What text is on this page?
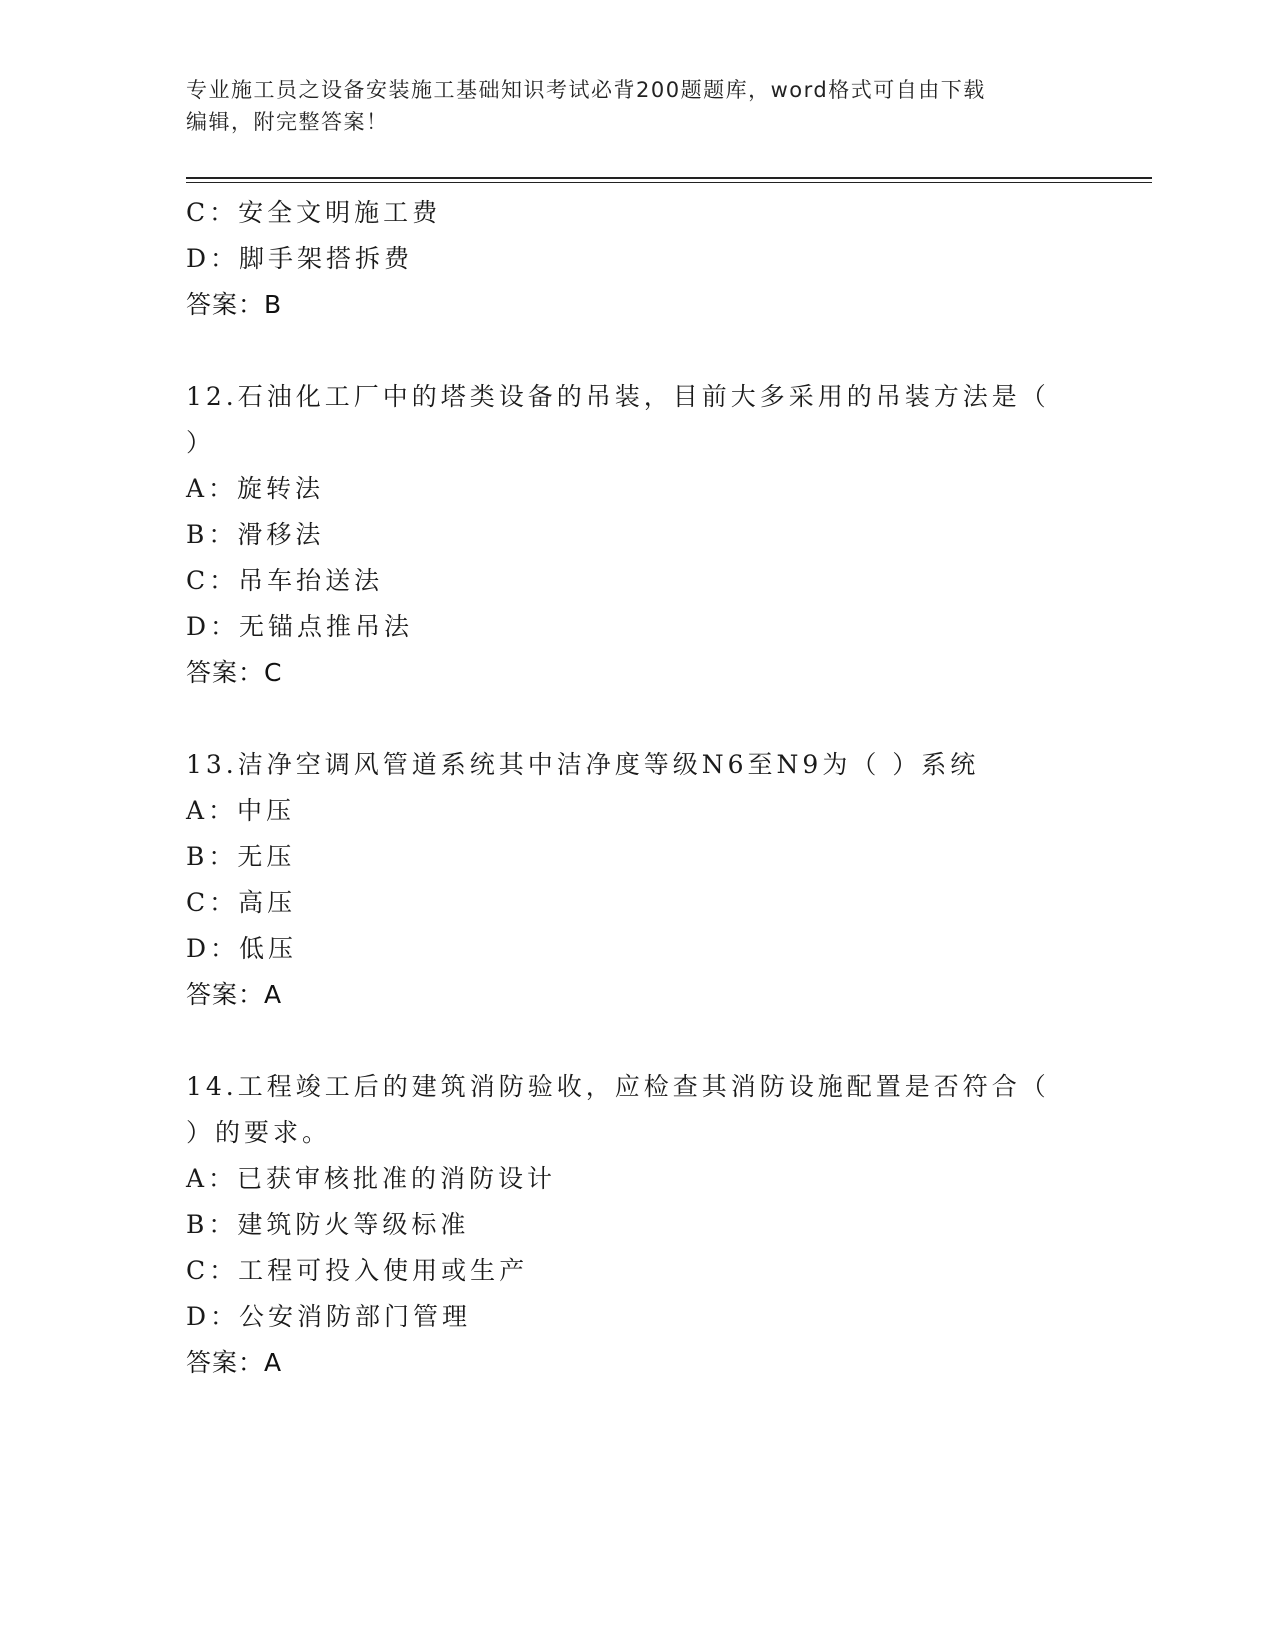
专业施工员之设备安装施工基础知识考试必背200题题库，word格式可自由下载
编辑，附完整答案！
C：安全文明施工费
D：脚手架搭拆费
答案：B
12.石油化工厂中的塔类设备的吊装，目前大多采用的吊装方法是（
）
A：旋转法
B：滑移法
C：吊车抬送法
D：无锚点推吊法
答案：C
13.洁净空调风管道系统其中洁净度等级N6至N9为（ ）系统
A：中压
B：无压
C：高压
D：低压
答案：A
14.工程竣工后的建筑消防验收，应检查其消防设施配置是否符合（
）的要求。
A：已获审核批准的消防设计
B：建筑防火等级标准
C：工程可投入使用或生产
D：公安消防部门管理
答案：A
